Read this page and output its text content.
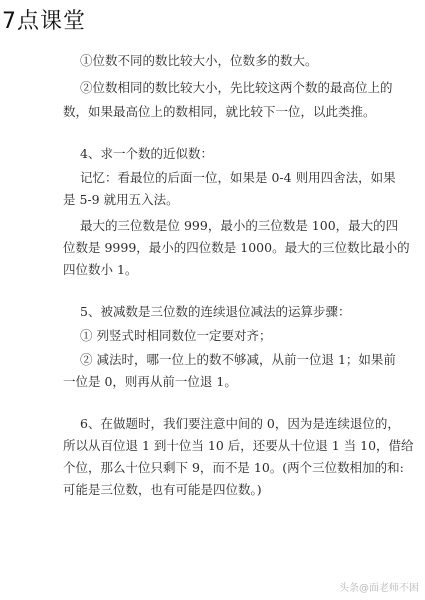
7点课堂
①位数不同的数比较大小，位数多的数大。
②位数相同的数比较大小，先比较这两个数的最高位上的
数，如果最高位上的数相同，就比较下一位，以此类推。
4、求一个数的近似数：
记忆：看最位的后面一位，如果是 0-4 则用四舍法，如果
是 5-9 就用五入法。
最大的三位数是位 999，最小的三位数是 100，最大的四
位数是 9999，最小的四位数是 1000。最大的三位数比最小的
四位数小 1。
5、被减数是三位数的连续退位减法的运算步骤：
① 列竖式时相同数位一定要对齐；
② 减法时，哪一位上的数不够减，从前一位退 1；如果前
一位是 0，则再从前一位退 1。
6、在做题时，我们要注意中间的 0，因为是连续退位的，
所以从百位退 1 到十位当 10 后，还要从十位退 1 当 10，借给
个位，那么十位只剩下 9，而不是 10。(两个三位数相加的和:
可能是三位数，也有可能是四位数。)
头条@面老师不困
